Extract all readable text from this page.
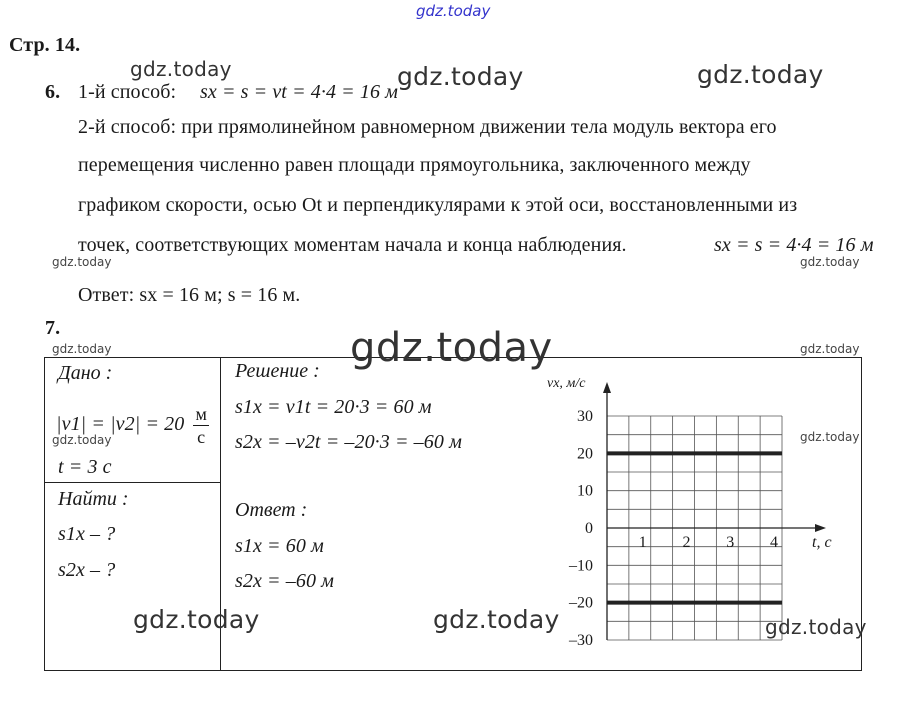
gdz.today
Стр. 14.
6. 1-й способ: sx = s = vt = 4·4 = 16 м
2-й способ: при прямолинейном равномерном движении тела модуль вектора его
перемещения численно равен площади прямоугольника, заключенного между
графиком скорости, осью Ot и перпендикулярами к этой оси, восстановленными из
точек, соответствующих моментам начала и конца наблюдения.	sx = s = 4·4 = 16 м
Ответ: sx = 16 м; s = 16 м.
7.
Дано :
$|v1| = |v2| = 20 \frac{м}{с}$
t = 3 с
Найти :
s1x – ?
s2x – ?
Решение :
s1x = v1t = 20·3 = 60 м
s2x = –v2t = –20·3 = –60 м
Ответ :
s1x = 60 м
s2x = –60 м
30
20
10
0
–10
–20
–30
1 2 3 4
vx, м/с
t, c
gdz.today	gdz.today	gdz.today
gdz.today	gdz.today
gdz.today	gdz.today
gdz.today
gdz.today	gdz.today
gdz.today	gdz.today	gdz.today
